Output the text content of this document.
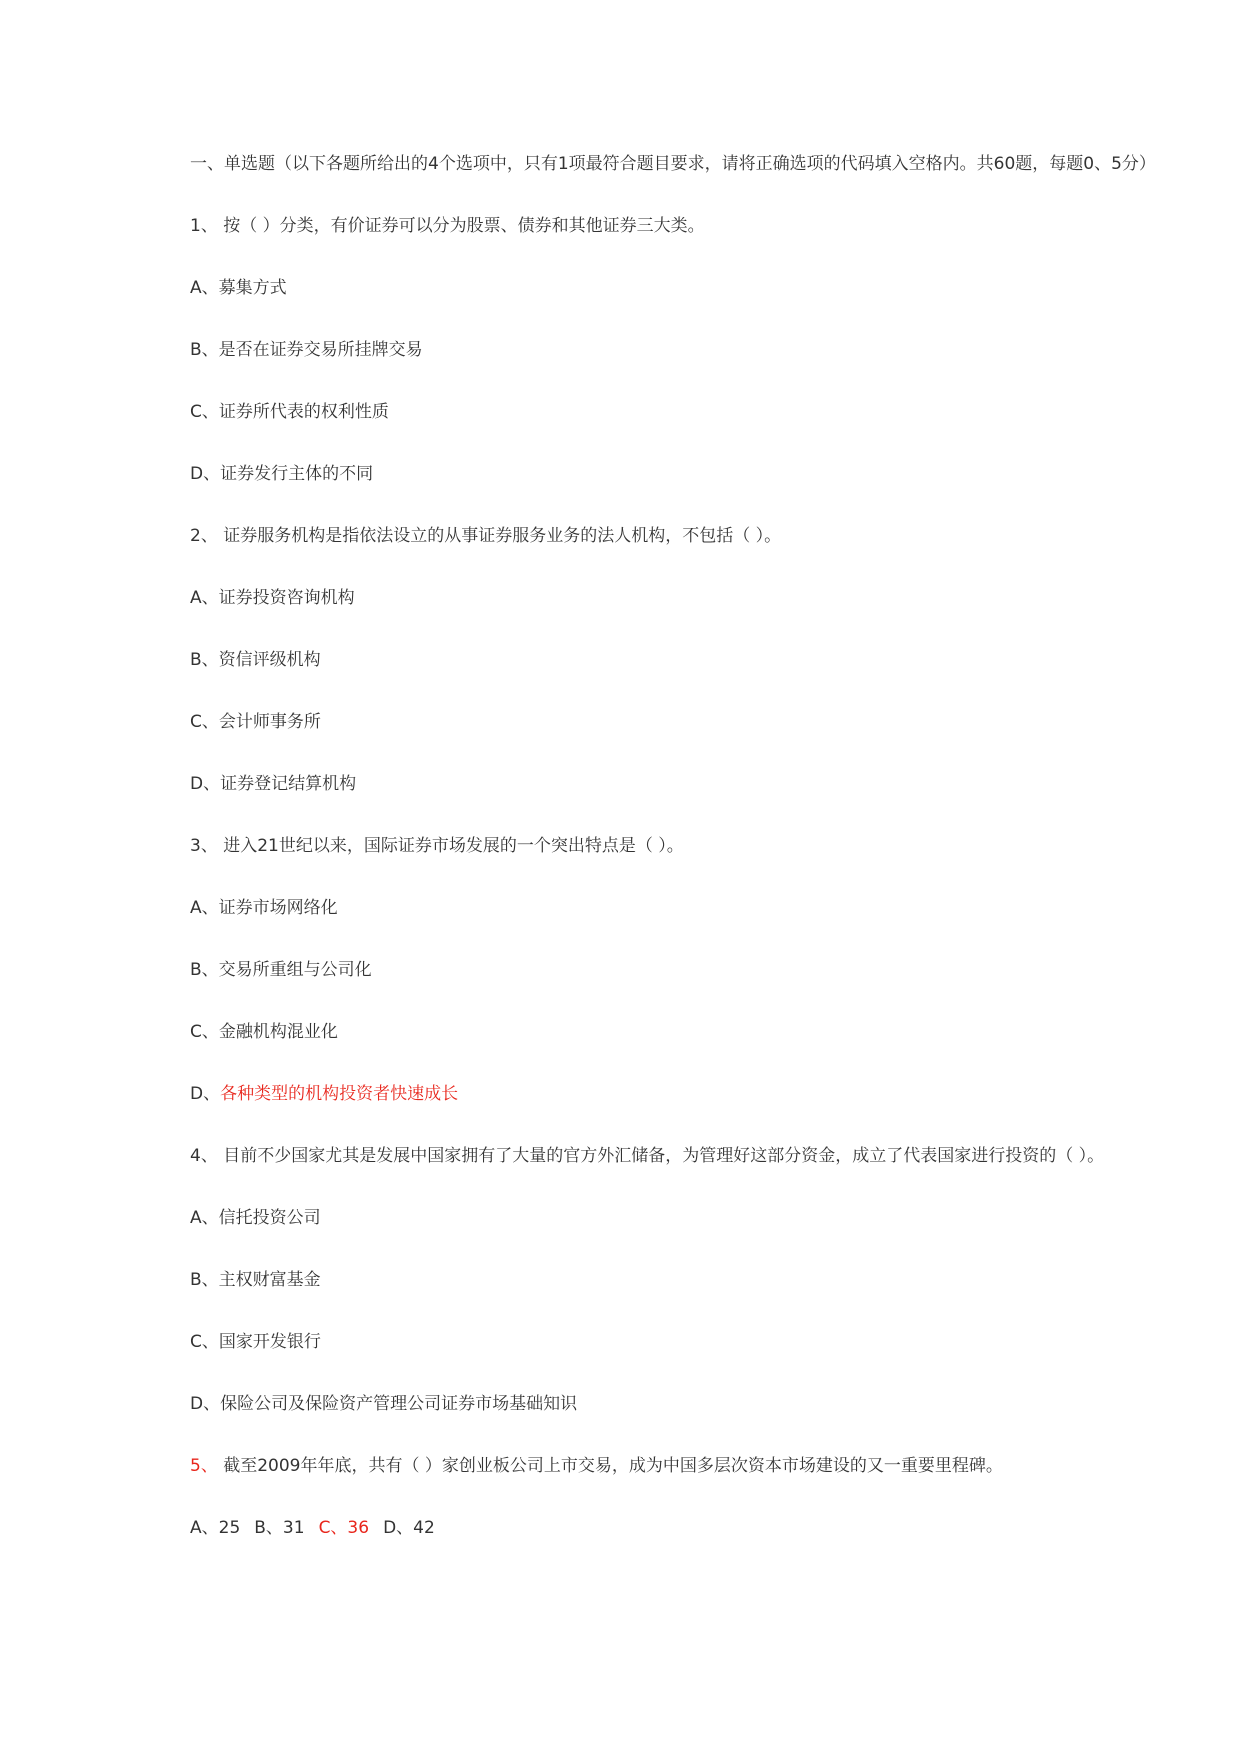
一、单选题（以下各题所给出的4个选项中，只有1项最符合题目要求，请将正确选项的代码填入空格内。共60题，每题0、5分）

1、 按（ ）分类，有价证券可以分为股票、债券和其他证券三大类。

A、募集方式

B、是否在证券交易所挂牌交易

C、证券所代表的权利性质

D、证券发行主体的不同

2、 证券服务机构是指依法设立的从事证券服务业务的法人机构，不包括（ ）。

A、证券投资咨询机构

B、资信评级机构

C、会计师事务所

D、证券登记结算机构

3、 进入21世纪以来，国际证券市场发展的一个突出特点是（ ）。

A、证券市场网络化

B、交易所重组与公司化

C、金融机构混业化

D、各种类型的机构投资者快速成长

4、 目前不少国家尤其是发展中国家拥有了大量的官方外汇储备，为管理好这部分资金，成立了代表国家进行投资的（ ）。

A、信托投资公司

B、主权财富基金

C、国家开发银行

D、保险公司及保险资产管理公司证券市场基础知识

5、 截至2009年年底，共有（ ）家创业板公司上市交易，成为中国多层次资本市场建设的又一重要里程碑。

A、25 B、31 C、36 D、42
